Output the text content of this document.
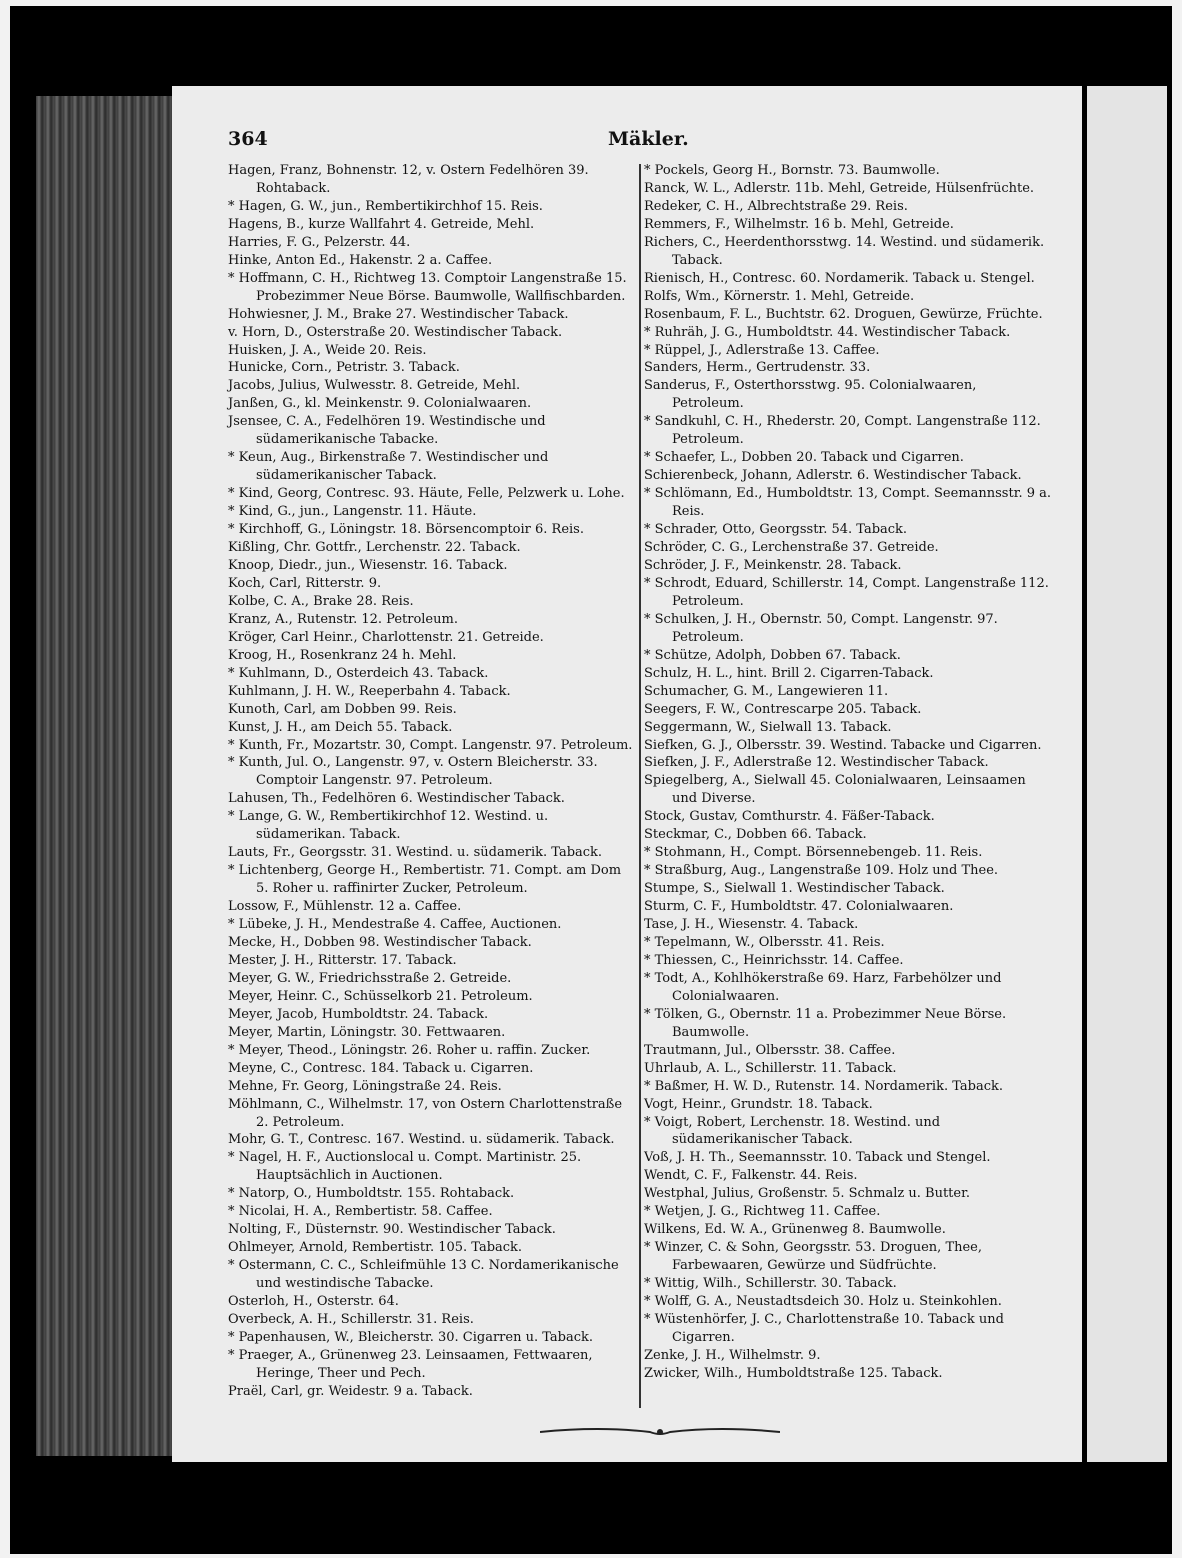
364	Mäkler.

Hagen, Franz, Bohnenstr. 12, v. Ostern Fedelhören 39. Rohtaback.

* Hagen, G. W., jun., Rembertikirchhof 15. Reis.

Hagens, B., kurze Wallfahrt 4. Getreide, Mehl.

Harries, F. G., Pelzerstr. 44.

Hinke, Anton Ed., Hakenstr. 2 a. Caffee.

* Hoffmann, C. H., Richtweg 13. Comptoir Langenstraße 15. Probezimmer Neue Börse. Baumwolle, Wallfischbarden.

Hohwiesner, J. M., Brake 27. Westindischer Taback.

v. Horn, D., Osterstraße 20. Westindischer Taback.

Huisken, J. A., Weide 20. Reis.

Hunicke, Corn., Petristr. 3. Taback.

Jacobs, Julius, Wulwesstr. 8. Getreide, Mehl.

Janßen, G., kl. Meinkenstr. 9. Colonialwaaren.

Jsensee, C. A., Fedelhören 19. Westindische und südamerikanische Tabacke.

* Keun, Aug., Birkenstraße 7. Westindischer und südamerikanischer Taback.

* Kind, Georg, Contresc. 93. Häute, Felle, Pelzwerk u. Lohe.

* Kind, G., jun., Langenstr. 11. Häute.

* Kirchhoff, G., Löningstr. 18. Börsencomptoir 6. Reis.

Kißling, Chr. Gottfr., Lerchenstr. 22. Taback.

Knoop, Diedr., jun., Wiesenstr. 16. Taback.

Koch, Carl, Ritterstr. 9.

Kolbe, C. A., Brake 28. Reis.

Kranz, A., Rutenstr. 12. Petroleum.

Kröger, Carl Heinr., Charlottenstr. 21. Getreide.

Kroog, H., Rosenkranz 24 h. Mehl.

* Kuhlmann, D., Osterdeich 43. Taback.

Kuhlmann, J. H. W., Reeperbahn 4. Taback.

Kunoth, Carl, am Dobben 99. Reis.

Kunst, J. H., am Deich 55. Taback.

* Kunth, Fr., Mozartstr. 30, Compt. Langenstr. 97. Petroleum.

* Kunth, Jul. O., Langenstr. 97, v. Ostern Bleicherstr. 33. Comptoir Langenstr. 97. Petroleum.

Lahusen, Th., Fedelhören 6. Westindischer Taback.

* Lange, G. W., Rembertikirchhof 12. Westind. u. südamerikan. Taback.

Lauts, Fr., Georgsstr. 31. Westind. u. südamerik. Taback.

* Lichtenberg, George H., Rembertistr. 71. Compt. am Dom 5. Roher u. raffinirter Zucker, Petroleum.

Lossow, F., Mühlenstr. 12 a. Caffee.

* Lübeke, J. H., Mendestraße 4. Caffee, Auctionen.

Mecke, H., Dobben 98. Westindischer Taback.

Mester, J. H., Ritterstr. 17. Taback.

Meyer, G. W., Friedrichsstraße 2. Getreide.

Meyer, Heinr. C., Schüsselkorb 21. Petroleum.

Meyer, Jacob, Humboldtstr. 24. Taback.

Meyer, Martin, Löningstr. 30. Fettwaaren.

* Meyer, Theod., Löningstr. 26. Roher u. raffin. Zucker.

Meyne, C., Contresc. 184. Taback u. Cigarren.

Mehne, Fr. Georg, Löningstraße 24. Reis.

Möhlmann, C., Wilhelmstr. 17, von Ostern Charlottenstraße 2. Petroleum.

Mohr, G. T., Contresc. 167. Westind. u. südamerik. Taback.

* Nagel, H. F., Auctionslocal u. Compt. Martinistr. 25. Hauptsächlich in Auctionen.

* Natorp, O., Humboldtstr. 155. Rohtaback.

* Nicolai, H. A., Rembertistr. 58. Caffee.

Nolting, F., Düsternstr. 90. Westindischer Taback.

Ohlmeyer, Arnold, Rembertistr. 105. Taback.

* Ostermann, C. C., Schleifmühle 13 C. Nordamerikanische und westindische Tabacke.

Osterloh, H., Osterstr. 64.

Overbeck, A. H., Schillerstr. 31. Reis.

* Papenhausen, W., Bleicherstr. 30. Cigarren u. Taback.

* Praeger, A., Grünenweg 23. Leinsaamen, Fettwaaren, Heringe, Theer und Pech.

Praël, Carl, gr. Weidestr. 9 a. Taback.

* Pockels, Georg H., Bornstr. 73. Baumwolle.

Ranck, W. L., Adlerstr. 11b. Mehl, Getreide, Hülsenfrüchte.

Redeker, C. H., Albrechtstraße 29. Reis.

Remmers, F., Wilhelmstr. 16 b. Mehl, Getreide.

Richers, C., Heerdenthorsstwg. 14. Westind. und südamerik. Taback.

Rienisch, H., Contresc. 60. Nordamerik. Taback u. Stengel.

Rolfs, Wm., Körnerstr. 1. Mehl, Getreide.

Rosenbaum, F. L., Buchtstr. 62. Droguen, Gewürze, Früchte.

* Ruhräh, J. G., Humboldtstr. 44. Westindischer Taback.

* Rüppel, J., Adlerstraße 13. Caffee.

Sanders, Herm., Gertrudenstr. 33.

Sanderus, F., Osterthorsstwg. 95. Colonialwaaren, Petroleum.

* Sandkuhl, C. H., Rhederstr. 20, Compt. Langenstraße 112. Petroleum.

* Schaefer, L., Dobben 20. Taback und Cigarren.

Schierenbeck, Johann, Adlerstr. 6. Westindischer Taback.

* Schlömann, Ed., Humboldtstr. 13, Compt. Seemannsstr. 9 a. Reis.

* Schrader, Otto, Georgsstr. 54. Taback.

Schröder, C. G., Lerchenstraße 37. Getreide.

Schröder, J. F., Meinkenstr. 28. Taback.

* Schrodt, Eduard, Schillerstr. 14, Compt. Langenstraße 112. Petroleum.

* Schulken, J. H., Obernstr. 50, Compt. Langenstr. 97. Petroleum.

* Schütze, Adolph, Dobben 67. Taback.

Schulz, H. L., hint. Brill 2. Cigarren-Taback.

Schumacher, G. M., Langewieren 11.

Seegers, F. W., Contrescarpe 205. Taback.

Seggermann, W., Sielwall 13. Taback.

Siefken, G. J., Olbersstr. 39. Westind. Tabacke und Cigarren.

Siefken, J. F., Adlerstraße 12. Westindischer Taback.

Spiegelberg, A., Sielwall 45. Colonialwaaren, Leinsaamen und Diverse.

Stock, Gustav, Comthurstr. 4. Fäßer-Taback.

Steckmar, C., Dobben 66. Taback.

* Stohmann, H., Compt. Börsennebengeb. 11. Reis.

* Straßburg, Aug., Langenstraße 109. Holz und Thee.

Stumpe, S., Sielwall 1. Westindischer Taback.

Sturm, C. F., Humboldtstr. 47. Colonialwaaren.

Tase, J. H., Wiesenstr. 4. Taback.

* Tepelmann, W., Olbersstr. 41. Reis.

* Thiessen, C., Heinrichsstr. 14. Caffee.

* Todt, A., Kohlhökerstraße 69. Harz, Farbehölzer und Colonialwaaren.

* Tölken, G., Obernstr. 11 a. Probezimmer Neue Börse. Baumwolle.

Trautmann, Jul., Olbersstr. 38. Caffee.

Uhrlaub, A. L., Schillerstr. 11. Taback.

* Baßmer, H. W. D., Rutenstr. 14. Nordamerik. Taback.

Vogt, Heinr., Grundstr. 18. Taback.

* Voigt, Robert, Lerchenstr. 18. Westind. und südamerikanischer Taback.

Voß, J. H. Th., Seemannsstr. 10. Taback und Stengel.

Wendt, C. F., Falkenstr. 44. Reis.

Westphal, Julius, Großenstr. 5. Schmalz u. Butter.

* Wetjen, J. G., Richtweg 11. Caffee.

Wilkens, Ed. W. A., Grünenweg 8. Baumwolle.

* Winzer, C. & Sohn, Georgsstr. 53. Droguen, Thee, Farbewaaren, Gewürze und Südfrüchte.

* Wittig, Wilh., Schillerstr. 30. Taback.

* Wolff, G. A., Neustadtsdeich 30. Holz u. Steinkohlen.

* Wüstenhörfer, J. C., Charlottenstraße 10. Taback und Cigarren.

Zenke, J. H., Wilhelmstr. 9.

Zwicker, Wilh., Humboldtstraße 125. Taback.
